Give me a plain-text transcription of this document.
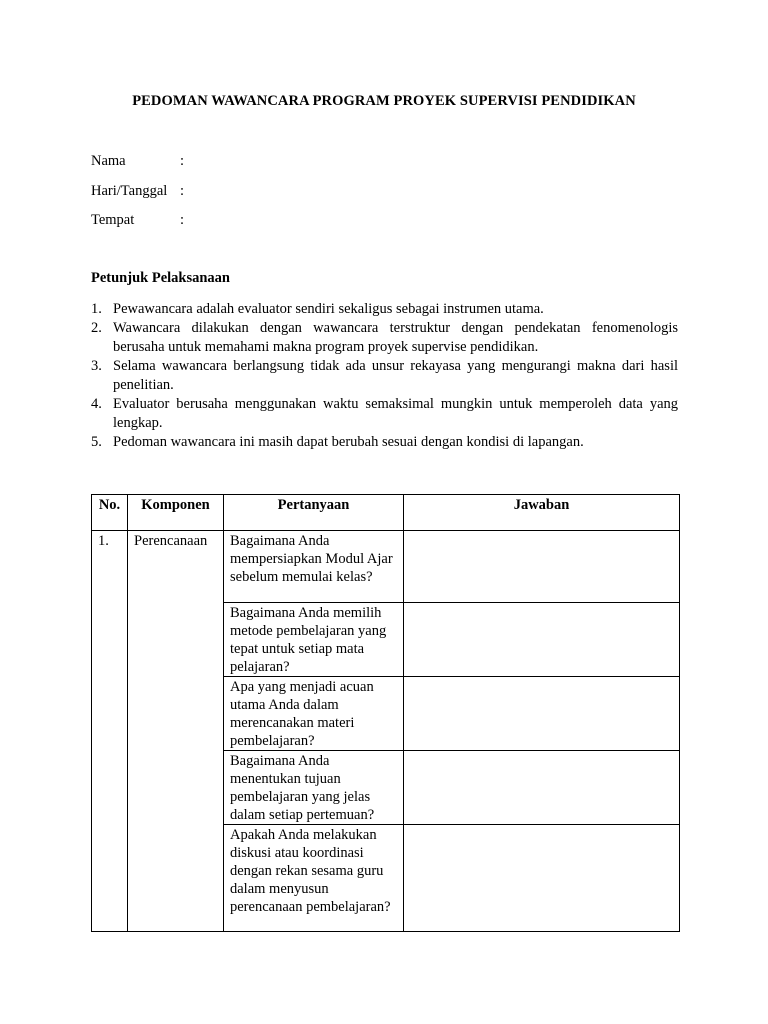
PEDOMAN WAWANCARA PROGRAM PROYEK SUPERVISI PENDIDIKAN
Nama	:
Hari/Tanggal :
Tempat	:
Petunjuk Pelaksanaan
1. Pewawancara adalah evaluator sendiri sekaligus sebagai instrumen utama.
2. Wawancara dilakukan dengan wawancara terstruktur dengan pendekatan fenomenologis berusaha untuk memahami makna program proyek supervise pendidikan.
3. Selama wawancara berlangsung tidak ada unsur rekayasa yang mengurangi makna dari hasil penelitian.
4. Evaluator berusaha menggunakan waktu semaksimal mungkin untuk memperoleh data yang lengkap.
5. Pedoman wawancara ini masih dapat berubah sesuai dengan kondisi di lapangan.
No.	Komponen	Pertanyaan	Jawaban
1.	Perencanaan	Bagaimana Anda mempersiapkan Modul Ajar sebelum memulai kelas?	
		Bagaimana Anda memilih metode pembelajaran yang tepat untuk setiap mata pelajaran?	
		Apa yang menjadi acuan utama Anda dalam merencanakan materi pembelajaran?	
		Bagaimana Anda menentukan tujuan pembelajaran yang jelas dalam setiap pertemuan?	
		Apakah Anda melakukan diskusi atau koordinasi dengan rekan sesama guru dalam menyusun perencanaan pembelajaran?	
